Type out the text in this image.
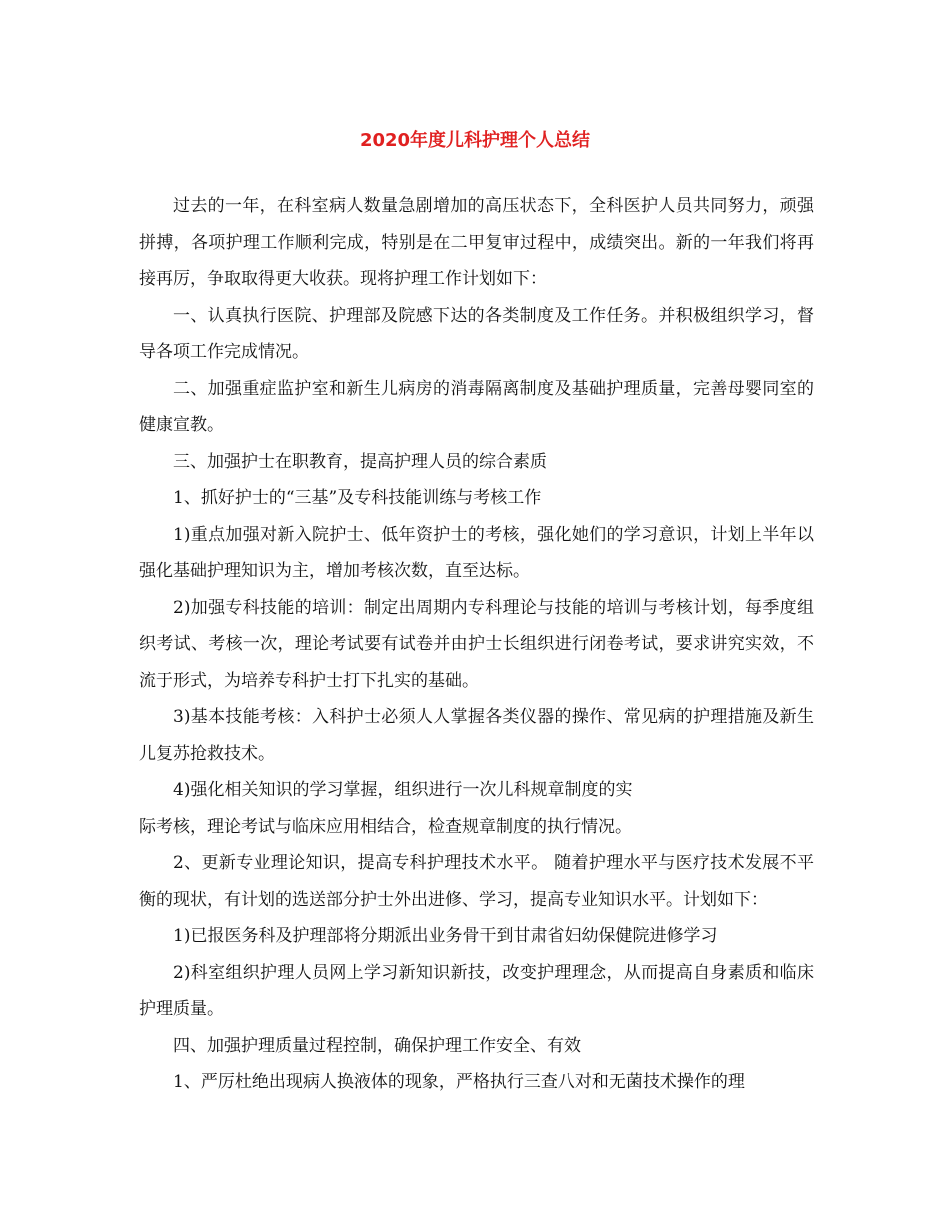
2020年度儿科护理个人总结

过去的一年，在科室病人数量急剧增加的高压状态下，全科医护人员共同努力，顽强拼搏，各项护理工作顺利完成，特别是在二甲复审过程中，成绩突出。新的一年我们将再接再厉，争取取得更大收获。现将护理工作计划如下：

一、认真执行医院、护理部及院感下达的各类制度及工作任务。并积极组织学习，督导各项工作完成情况。

二、加强重症监护室和新生儿病房的消毒隔离制度及基础护理质量，完善母婴同室的健康宣教。

三、加强护士在职教育，提高护理人员的综合素质

1、抓好护士的“三基”及专科技能训练与考核工作

1)重点加强对新入院护士、低年资护士的考核，强化她们的学习意识，计划上半年以强化基础护理知识为主，增加考核次数，直至达标。

2)加强专科技能的培训：制定出周期内专科理论与技能的培训与考核计划，每季度组织考试、考核一次，理论考试要有试卷并由护士长组织进行闭卷考试，要求讲究实效，不流于形式，为培养专科护士打下扎实的基础。

3)基本技能考核：入科护士必须人人掌握各类仪器的操作、常见病的护理措施及新生儿复苏抢救技术。

4)强化相关知识的学习掌握，组织进行一次儿科规章制度的实

际考核，理论考试与临床应用相结合，检查规章制度的执行情况。

2、更新专业理论知识，提高专科护理技术水平。 随着护理水平与医疗技术发展不平衡的现状，有计划的选送部分护士外出进修、学习，提高专业知识水平。计划如下：

1)已报医务科及护理部将分期派出业务骨干到甘肃省妇幼保健院进修学习

2)科室组织护理人员网上学习新知识新技，改变护理理念，从而提高自身素质和临床护理质量。

四、加强护理质量过程控制，确保护理工作安全、有效

1、严厉杜绝出现病人换液体的现象，严格执行三查八对和无菌技术操作的理
